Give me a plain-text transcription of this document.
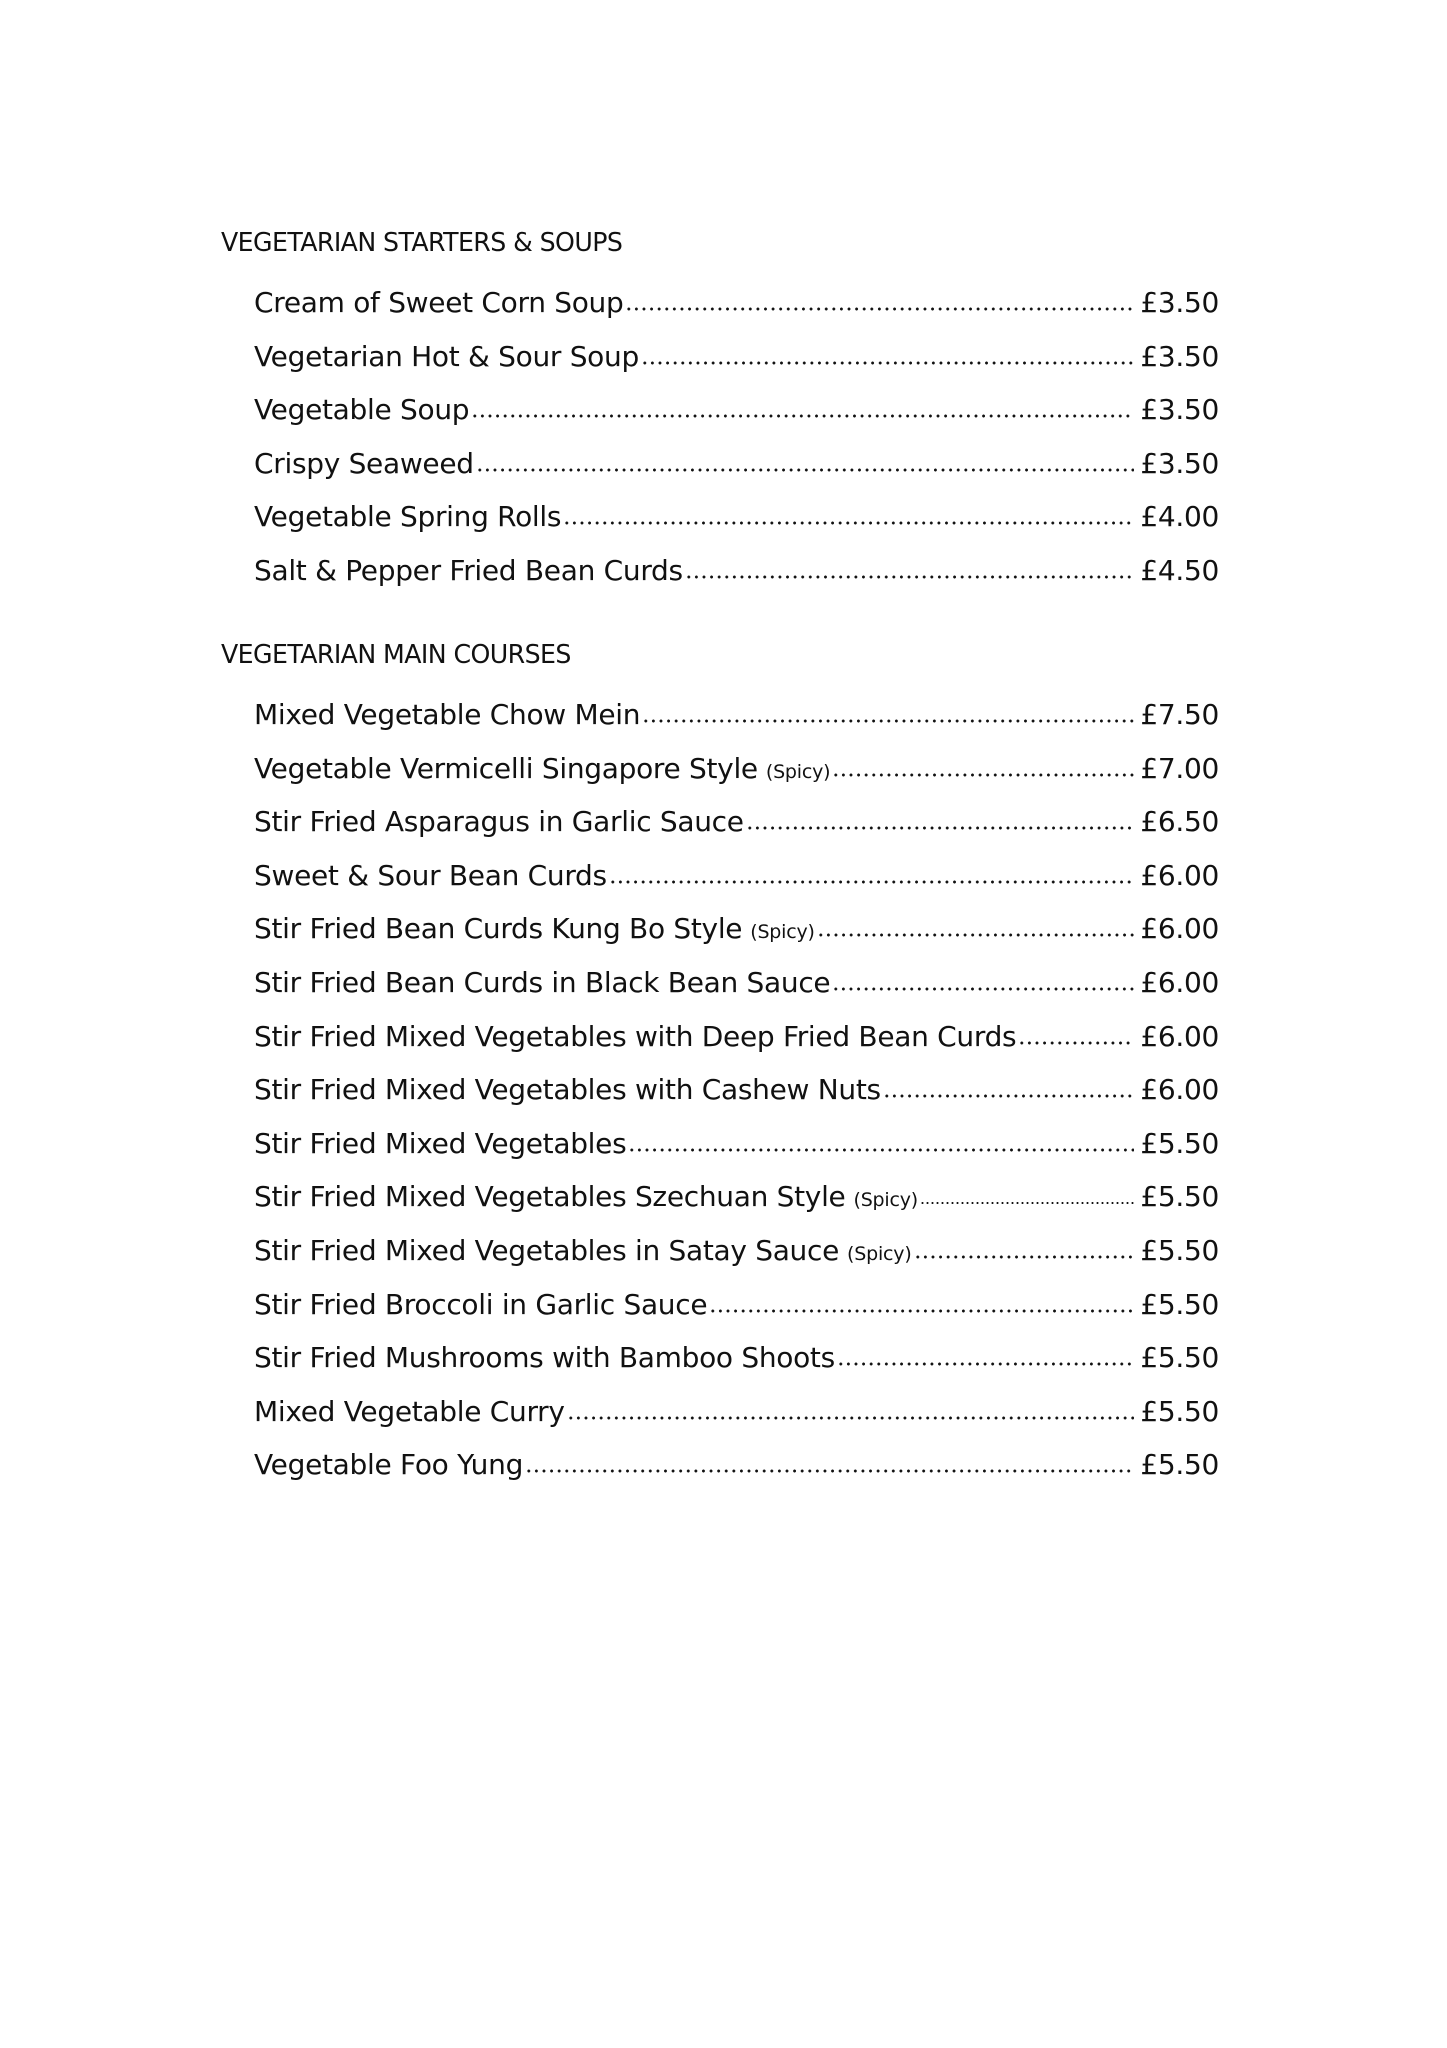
VEGETARIAN STARTERS & SOUPS
Cream of Sweet Corn Soup	£3.50
Vegetarian Hot & Sour Soup	£3.50
Vegetable Soup	£3.50
Crispy Seaweed	£3.50
Vegetable Spring Rolls	£4.00
Salt & Pepper Fried Bean Curds	£4.50
VEGETARIAN MAIN COURSES
Mixed Vegetable Chow Mein	£7.50
Vegetable Vermicelli Singapore Style (Spicy)	£7.00
Stir Fried Asparagus in Garlic Sauce	£6.50
Sweet & Sour Bean Curds	£6.00
Stir Fried Bean Curds Kung Bo Style (Spicy)	£6.00
Stir Fried Bean Curds in Black Bean Sauce	£6.00
Stir Fried Mixed Vegetables with Deep Fried Bean Curds	£6.00
Stir Fried Mixed Vegetables with Cashew Nuts	£6.00
Stir Fried Mixed Vegetables	£5.50
Stir Fried Mixed Vegetables Szechuan Style (Spicy)	£5.50
Stir Fried Mixed Vegetables in Satay Sauce (Spicy)	£5.50
Stir Fried Broccoli in Garlic Sauce	£5.50
Stir Fried Mushrooms with Bamboo Shoots	£5.50
Mixed Vegetable Curry	£5.50
Vegetable Foo Yung	£5.50
